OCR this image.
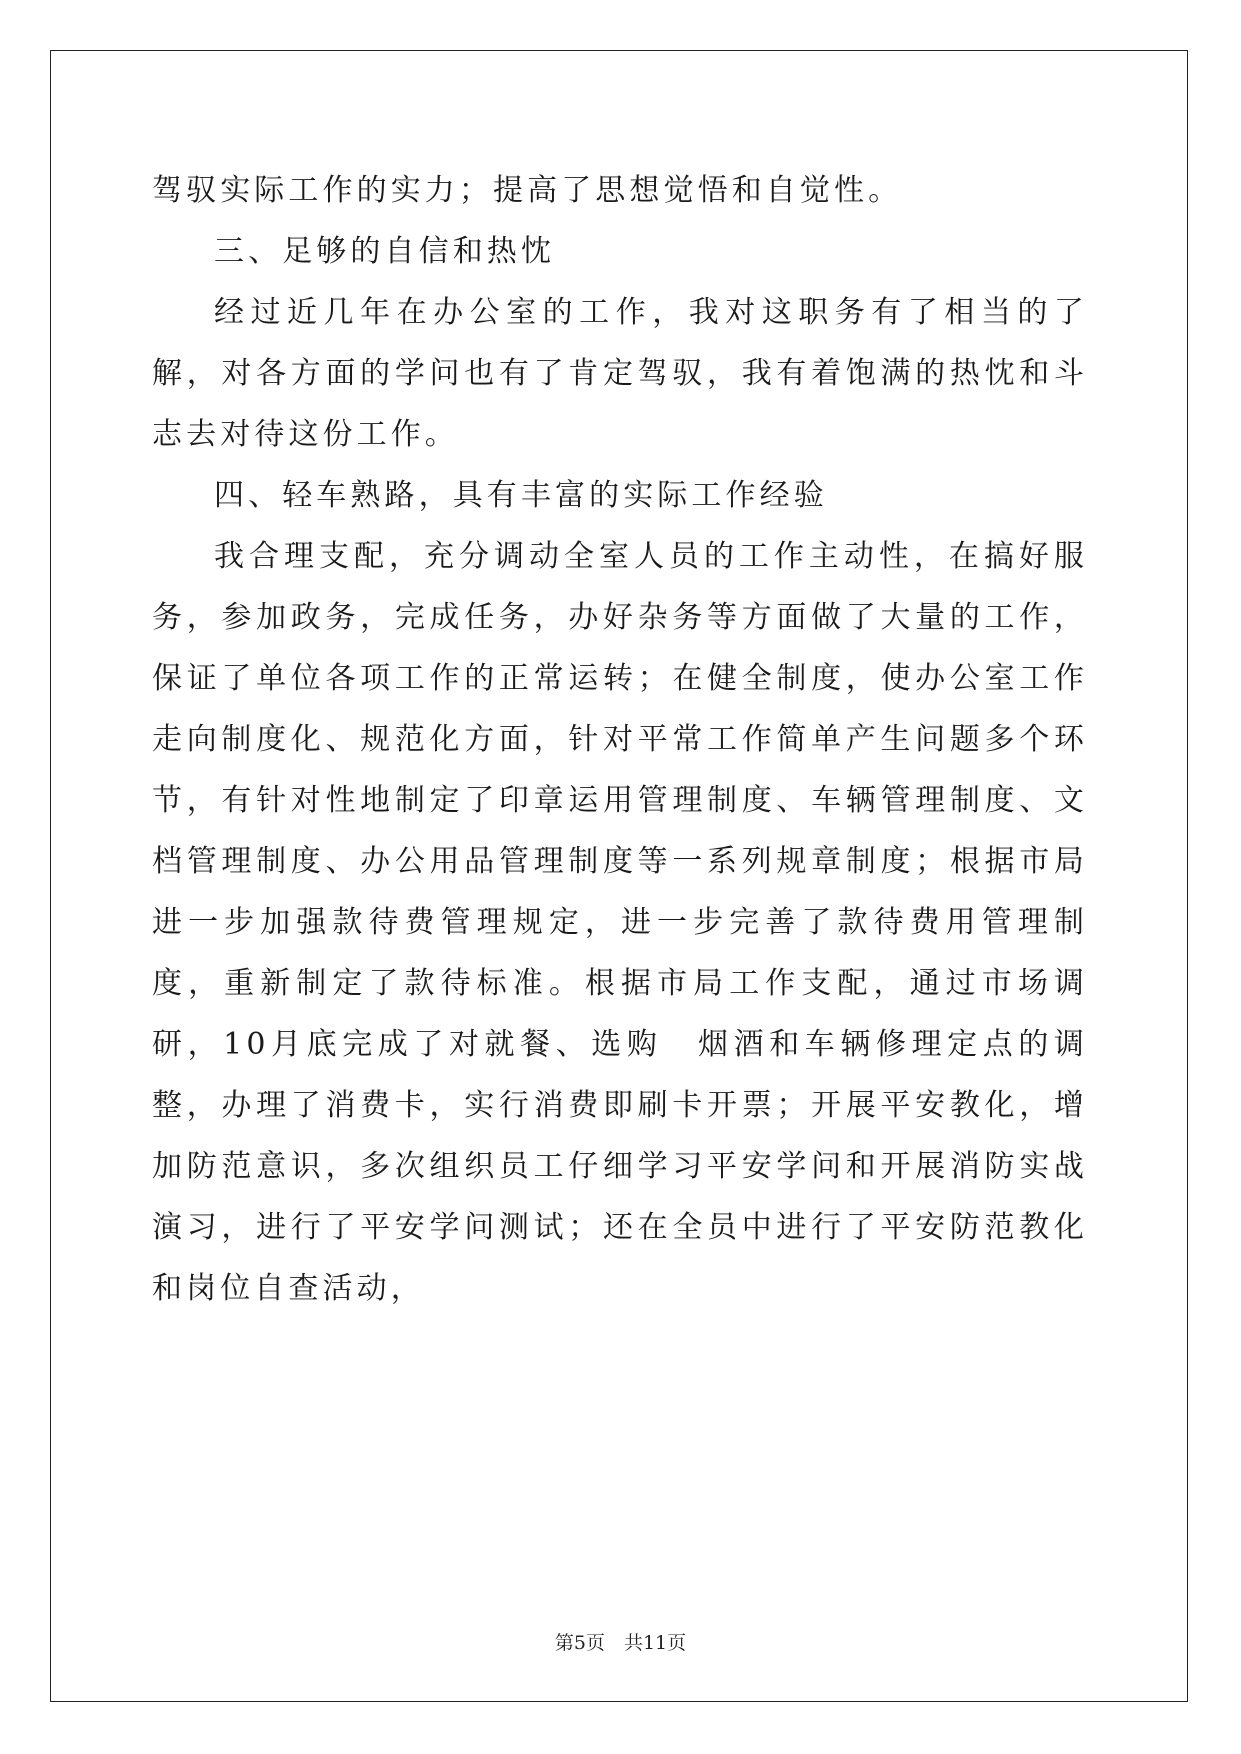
驾驭实际工作的实力；提高了思想觉悟和自觉性。

三、足够的自信和热忱

经过近几年在办公室的工作，我对这职务有了相当的了解，对各方面的学问也有了肯定驾驭，我有着饱满的热忱和斗志去对待这份工作。

四、轻车熟路，具有丰富的实际工作经验

我合理支配，充分调动全室人员的工作主动性，在搞好服务，参加政务，完成任务，办好杂务等方面做了大量的工作，保证了单位各项工作的正常运转；在健全制度，使办公室工作走向制度化、规范化方面，针对平常工作简单产生问题多个环节，有针对性地制定了印章运用管理制度、车辆管理制度、文档管理制度、办公用品管理制度等一系列规章制度；根据市局进一步加强款待费管理规定，进一步完善了款待费用管理制度，重新制定了款待标准。根据市局工作支配，通过市场调研，10月底完成了对就餐、选购　烟酒和车辆修理定点的调整，办理了消费卡，实行消费即刷卡开票；开展平安教化，增加防范意识，多次组织员工仔细学习平安学问和开展消防实战演习，进行了平安学问测试；还在全员中进行了平安防范教化和岗位自查活动，

第5页　共11页
